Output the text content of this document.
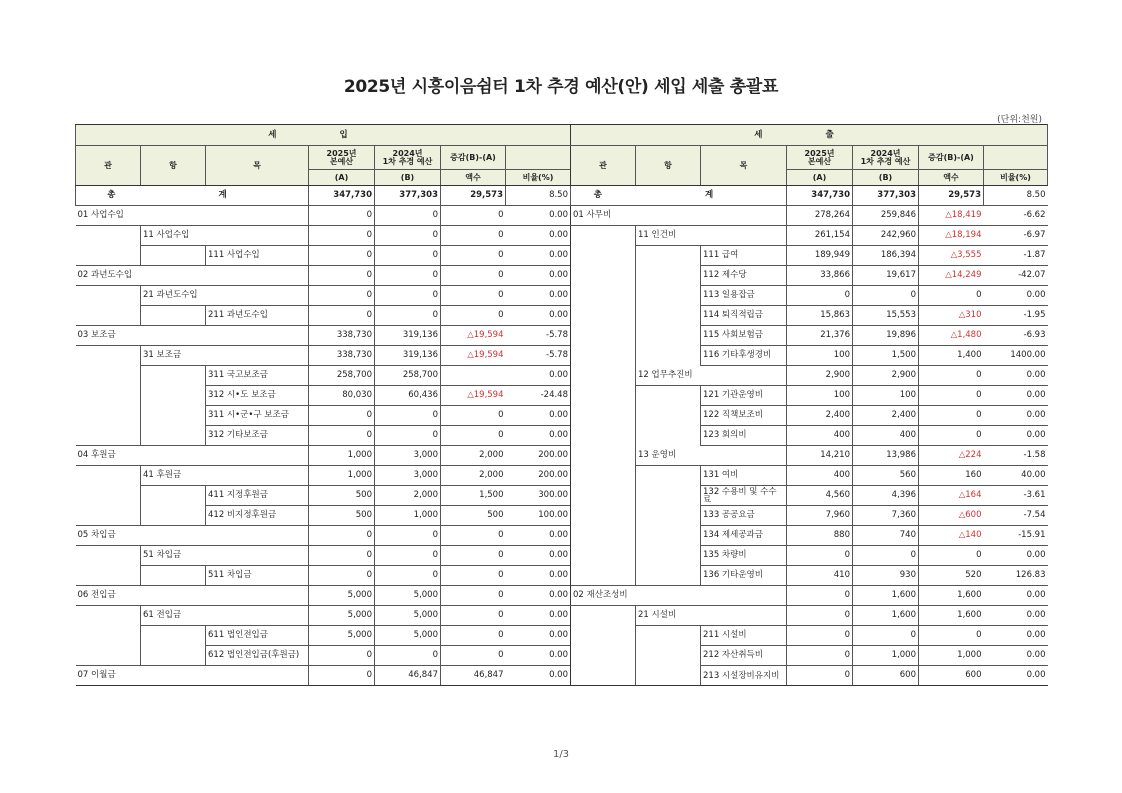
2025년 시흥이음쉼터 1차 추경 예산(안) 세입 세출 총괄표
(단위:천원)
세 입						
관	항	목	2025년
본예산	2024년
1차 추경 예산	증감(B)-(A)	
			(A)	(B)	액수	비율(%)
총 계			347,730	377,303	29,573	8.50
01 사업수입			0	0	0	0.00
	11 사업수입		0	0	0	0.00
		111 사업수입	0	0	0	0.00
02 과년도수입			0	0	0	0.00
	21 과년도수입		0	0	0	0.00
		211 과년도수입	0	0	0	0.00
03 보조금			338,730	319,136	△19,594	-5.78
	31 보조금		338,730	319,136	△19,594	-5.78
		311 국고보조금	258,700	258,700		0.00
		312 시•도 보조금	80,030	60,436	△19,594	-24.48
		311 시•군•구 보조금	0	0	0	0.00
		312 기타보조금	0	0	0	0.00
04 후원금			1,000	3,000	2,000	200.00
	41 후원금		1,000	3,000	2,000	200.00
		411 지정후원금	500	2,000	1,500	300.00
		412 비지정후원금	500	1,000	500	100.00
05 차입금			0	0	0	0.00
	51 차입금		0	0	0	0.00
		511 차입금	0	0	0	0.00
06 전입금			5,000	5,000	0	0.00
	61 전입금		5,000	5,000	0	0.00
		611 법인전입금	5,000	5,000	0	0.00
		612 법인전입금(후원금)	0	0	0	0.00
07 이월금			0	46,847	46,847	0.00
세 출						
관	항	목	2025년
본예산	2024년
1차 추경 예산	증감(B)-(A)	
			(A)	(B)	액수	비율(%)
총 계			347,730	377,303	29,573	8.50
01 사무비			278,264	259,846	△18,419	-6.62
	11 인건비		261,154	242,960	△18,194	-6.97
		111 급여	189,949	186,394	△3,555	-1.87
		112 제수당	33,866	19,617	△14,249	-42.07
		113 일용잡금	0	0	0	0.00
		114 퇴직적립금	15,863	15,553	△310	-1.95
		115 사회보험금	21,376	19,896	△1,480	-6.93
		116 기타후생경비	100	1,500	1,400	1400.00
	12 업무추진비		2,900	2,900	0	0.00
		121 기관운영비	100	100	0	0.00
		122 직책보조비	2,400	2,400	0	0.00
		123 회의비	400	400	0	0.00
	13 운영비		14,210	13,986	△224	-1.58
		131 여비	400	560	160	40.00
		132 수용비 및 수수료	4,560	4,396	△164	-3.61
		133 공공요금	7,960	7,360	△600	-7.54
		134 제세공과금	880	740	△140	-15.91
		135 차량비	0	0	0	0.00
		136 기타운영비	410	930	520	126.83
02 재산조성비			0	1,600	1,600	0.00
	21 시설비		0	1,600	1,600	0.00
		211 시설비	0	0	0	0.00
		212 자산취득비	0	1,000	1,000	0.00
		213 시설장비유지비	0	600	600	0.00
1/3
